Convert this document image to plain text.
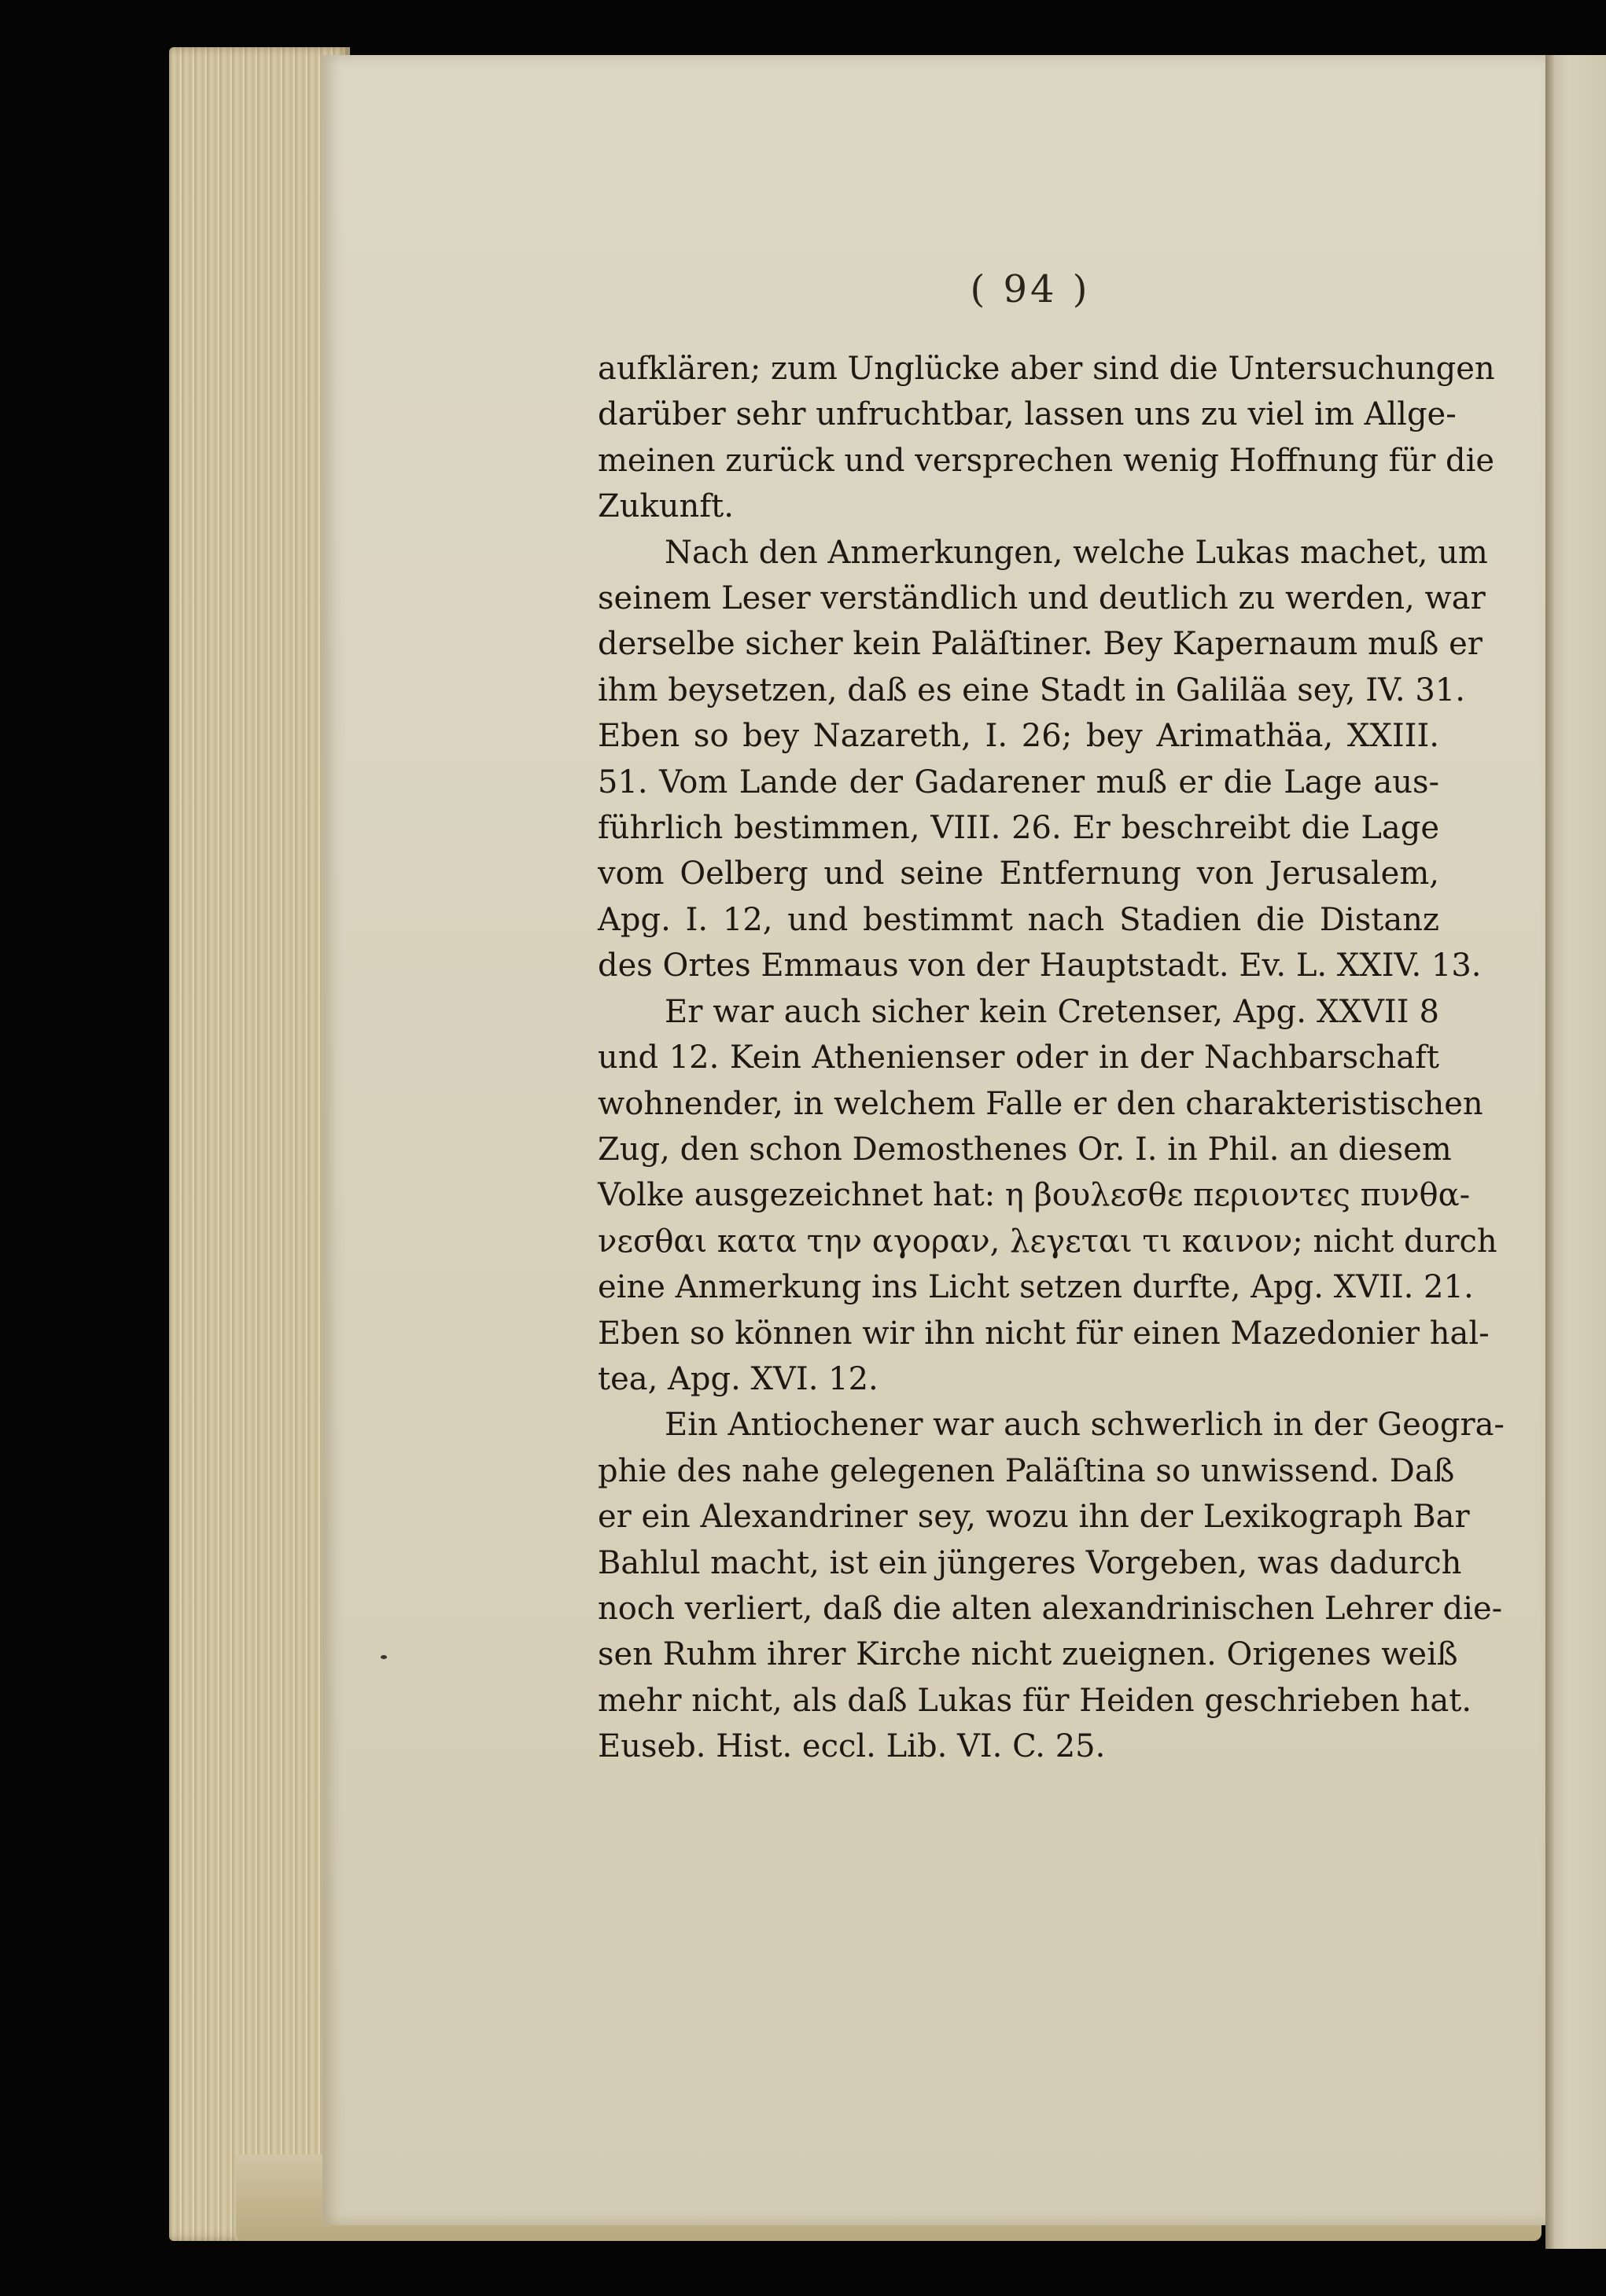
( 94 )
aufklären; zum Unglücke aber sind die Untersuchungen
darüber sehr unfruchtbar, lassen uns zu viel im Allge-
meinen zurück und versprechen wenig Hoffnung für die
Zukunft.
Nach den Anmerkungen, welche Lukas machet, um
seinem Leser verständlich und deutlich zu werden, war
derselbe sicher kein Paläſtiner. Bey Kapernaum muß er
ihm beysetzen, daß es eine Stadt in Galiläa sey, IV. 31.
Eben so bey Nazareth, I. 26; bey Arimathäa, XXIII.
51. Vom Lande der Gadarener muß er die Lage aus-
führlich bestimmen, VIII. 26. Er beschreibt die Lage
vom Oelberg und seine Entfernung von Jerusalem,
Apg. I. 12, und bestimmt nach Stadien die Distanz
des Ortes Emmaus von der Hauptstadt. Ev. L. XXIV. 13.
Er war auch sicher kein Cretenser, Apg. XXVII 8
und 12. Kein Athenienser oder in der Nachbarschaft
wohnender, in welchem Falle er den charakteristischen
Zug, den schon Demosthenes Or. I. in Phil. an diesem
Volke ausgezeichnet hat: η βουλεσθε περιοντες πυνθα-
νεσθαι κατα την αγοραν, λεγεται τι καινον; nicht durch
eine Anmerkung ins Licht setzen durfte, Apg. XVII. 21.
Eben so können wir ihn nicht für einen Mazedonier hal-
tea, Apg. XVI. 12.
Ein Antiochener war auch schwerlich in der Geogra-
phie des nahe gelegenen Paläſtina so unwissend. Daß
er ein Alexandriner sey, wozu ihn der Lexikograph Bar
Bahlul macht, ist ein jüngeres Vorgeben, was dadurch
noch verliert, daß die alten alexandrinischen Lehrer die-
sen Ruhm ihrer Kirche nicht zueignen. Origenes weiß
mehr nicht, als daß Lukas für Heiden geschrieben hat.
Euseb. Hist. eccl. Lib. VI. C. 25.
